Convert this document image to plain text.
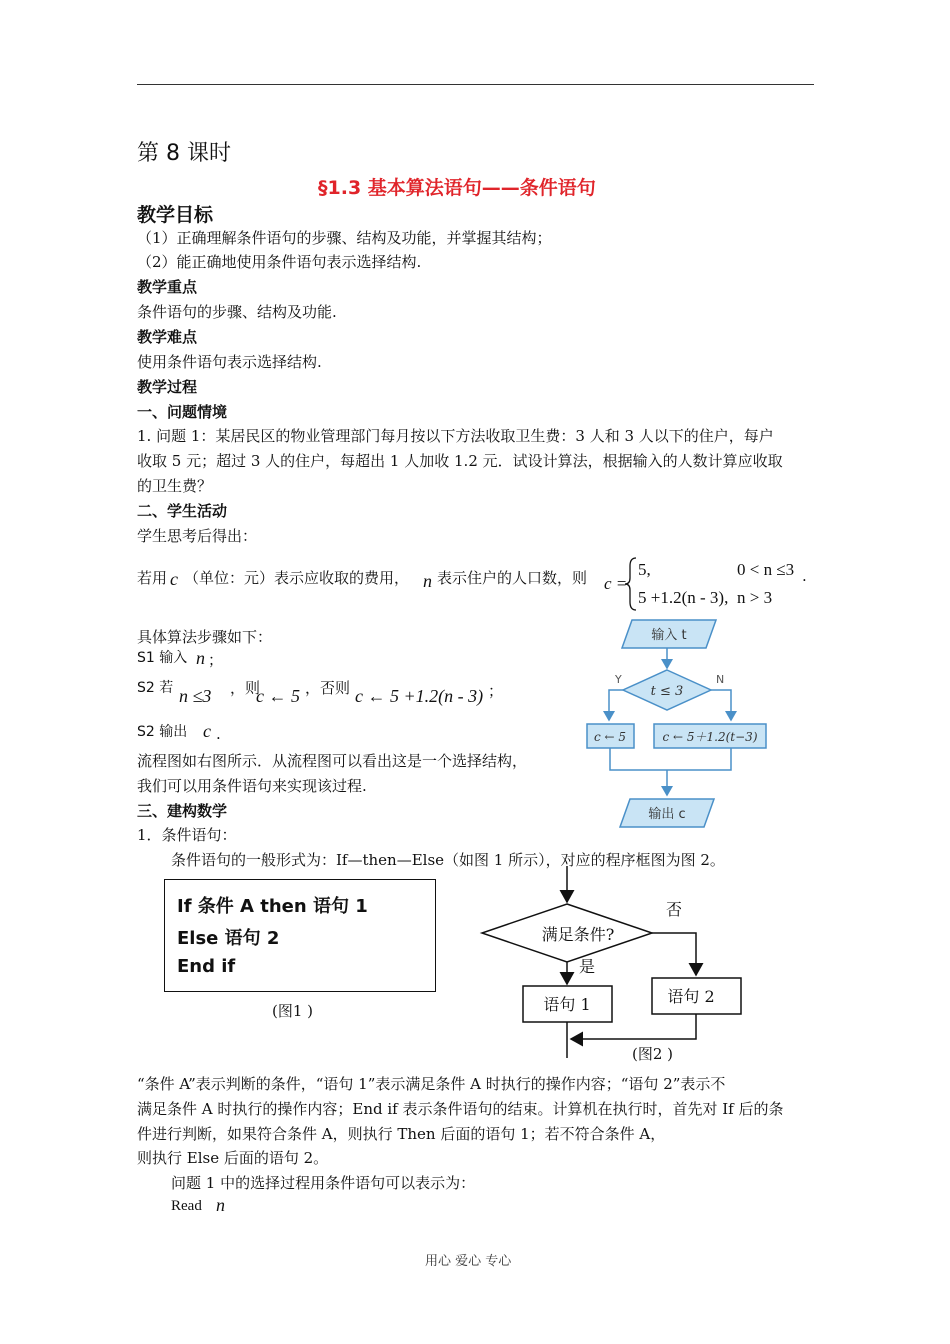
第 8 课时
§1.3 基本算法语句——条件语句
教学目标
（1）正确理解条件语句的步骤、结构及功能，并掌握其结构；
（2）能正确地使用条件语句表示选择结构.
教学重点
条件语句的步骤、结构及功能.
教学难点
使用条件语句表示选择结构.
教学过程
一、问题情境
1. 问题 1：某居民区的物业管理部门每月按以下方法收取卫生费：3 人和 3 人以下的住户，每户
收取 5 元；超过 3 人的住户，每超出 1 人加收 1.2 元．试设计算法，根据输入的人数计算应收取
的卫生费？
二、学生活动
学生思考后得出：
若用 c （单位：元）表示应收取的费用， n 表示住户的人口数，则 c =
5,	0 < n ≤3
5 +1.2(n - 3), n > 3
.
具体算法步骤如下：
S1 输入 n ；
S2 若 n ≤3 ，则
c ← 5 ，否则 c ← 5 +1.2(n - 3) ；
S2 输出 c .
流程图如右图所示．从流程图可以看出这是一个选择结构，
我们可以用条件语句来实现该过程.
输入 t
t ≤ 3
Y	N
c ← 5	c ← 5＋1.2(t−3)
输出 c
三、建构数学
1．条件语句：
条件语句的一般形式为：If—then—Else（如图 1 所示），对应的程序框图为图 2。
If 条件 A then 语句 1
Else 语句 2
End if
(图1 )
满足条件?
否
是
语句 1	语句 2
(图2 )
“条件 A”表示判断的条件，“语句 1”表示满足条件 A 时执行的操作内容；“语句 2”表示不
满足条件 A 时执行的操作内容；End if 表示条件语句的结束。计算机在执行时，首先对 If 后的条
件进行判断，如果符合条件 A，则执行 Then 后面的语句 1；若不符合条件 A，
则执行 Else 后面的语句 2。
问题 1 中的选择过程用条件语句可以表示为：
Read n
用心 爱心 专心
